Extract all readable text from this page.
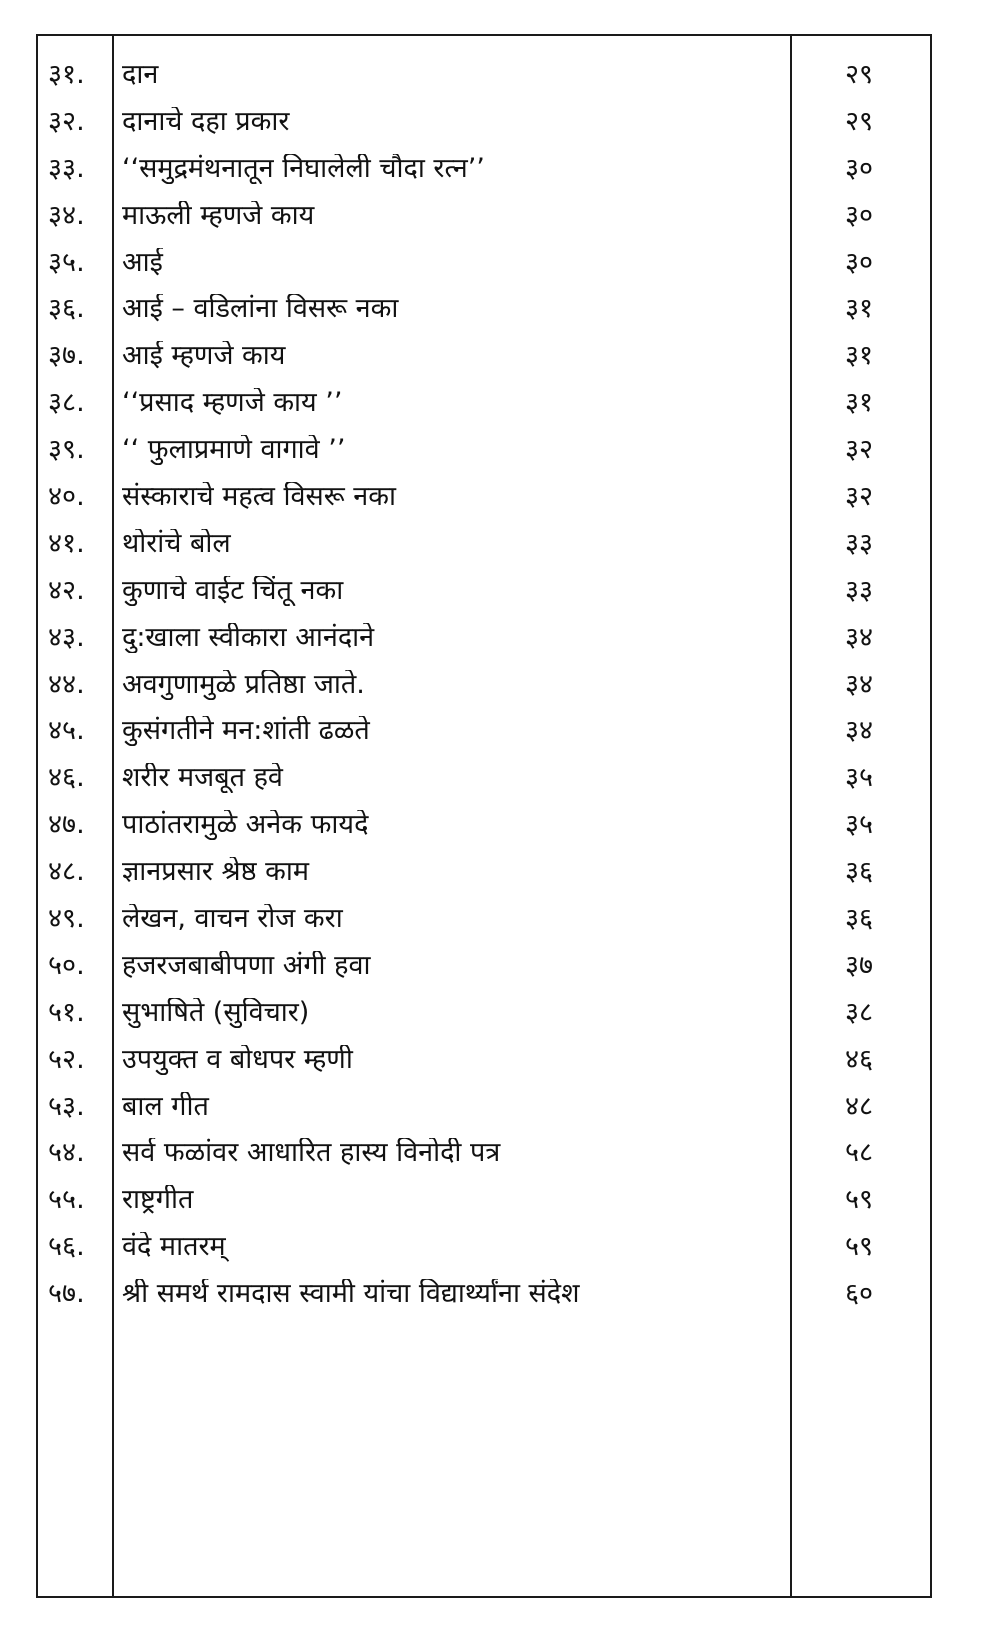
३१.	दान	२९
३२.	दानाचे दहा प्रकार	२९
३३.	‘‘समुद्रमंथनातून निघालेली चौदा रत्न’’	३०
३४.	माऊली म्हणजे काय	३०
३५.	आई	३०
३६.	आई – वडिलांना विसरू नका	३१
३७.	आई म्हणजे काय	३१
३८.	‘‘प्रसाद म्हणजे काय ’’	३१
३९.	‘‘ फुलाप्रमाणे वागावे ’’	३२
४०.	संस्काराचे महत्व विसरू नका	३२
४१.	थोरांचे बोल	३३
४२.	कुणाचे वाईट चिंतू नका	३३
४३.	दु:खाला स्वीकारा आनंदाने	३४
४४.	अवगुणामुळे प्रतिष्ठा जाते.	३४
४५.	कुसंगतीने मन:शांती ढळते	३४
४६.	शरीर मजबूत हवे	३५
४७.	पाठांतरामुळे अनेक फायदे	३५
४८.	ज्ञानप्रसार श्रेष्ठ काम	३६
४९.	लेखन, वाचन रोज करा	३६
५०.	हजरजबाबीपणा अंगी हवा	३७
५१.	सुभाषिते (सुविचार)	३८
५२.	उपयुक्त व बोधपर म्हणी	४६
५३.	बाल गीत	४८
५४.	सर्व फळांवर आधारित हास्य विनोदी पत्र	५८
५५.	राष्ट्रगीत	५९
५६.	वंदे मातरम्	५९
५७.	श्री समर्थ रामदास स्वामी यांचा विद्यार्थ्यांना संदेश	६०
